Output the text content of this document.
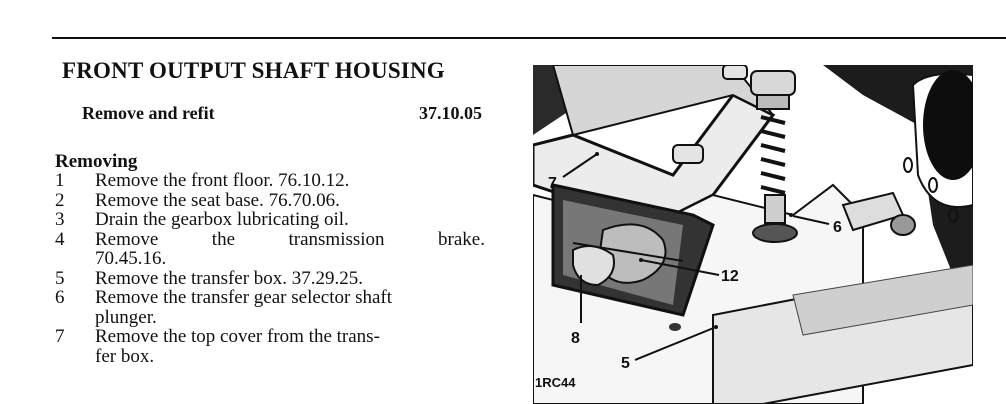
FRONT OUTPUT SHAFT HOUSING
Remove and refit	37.10.05
Removing
1	Remove the front floor. 76.10.12.
2	Remove the seat base. 76.70.06.
3	Drain the gearbox lubricating oil.
4	Remove	the	transmission	brake.
70.45.16.
5	Remove the transfer box. 37.29.25.
6	Remove the transfer gear selector shaft
plunger.
7	Remove the top cover from the trans-
fer box.
7
6
12
8
5
1RC44
